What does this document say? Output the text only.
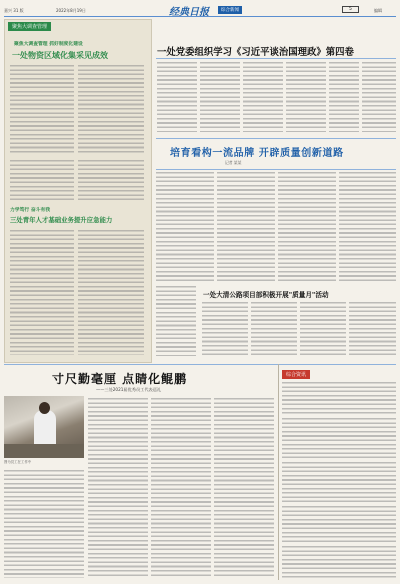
嘉兴 31 版	2022年8月19日	经典日报	综合新闻	5	编辑
聚焦大调查管理
聚焦大调查管理 抓好制度化建设
一处物资区域化集采见成效
力学笃行 奋斗有我
三处青年人才基础业务提升应急能力
一处党委组织学习《习近平谈治国理政》第四卷
培育看构一流品牌 开辟质量创新道路
记者 某某
一处大清公路项目部积极开展"质量月"活动
寸尺勤毫厘 点睛化鲲鹏
——三处2021届优秀员工代表巡礼
图为员工在工作中
综合资讯
